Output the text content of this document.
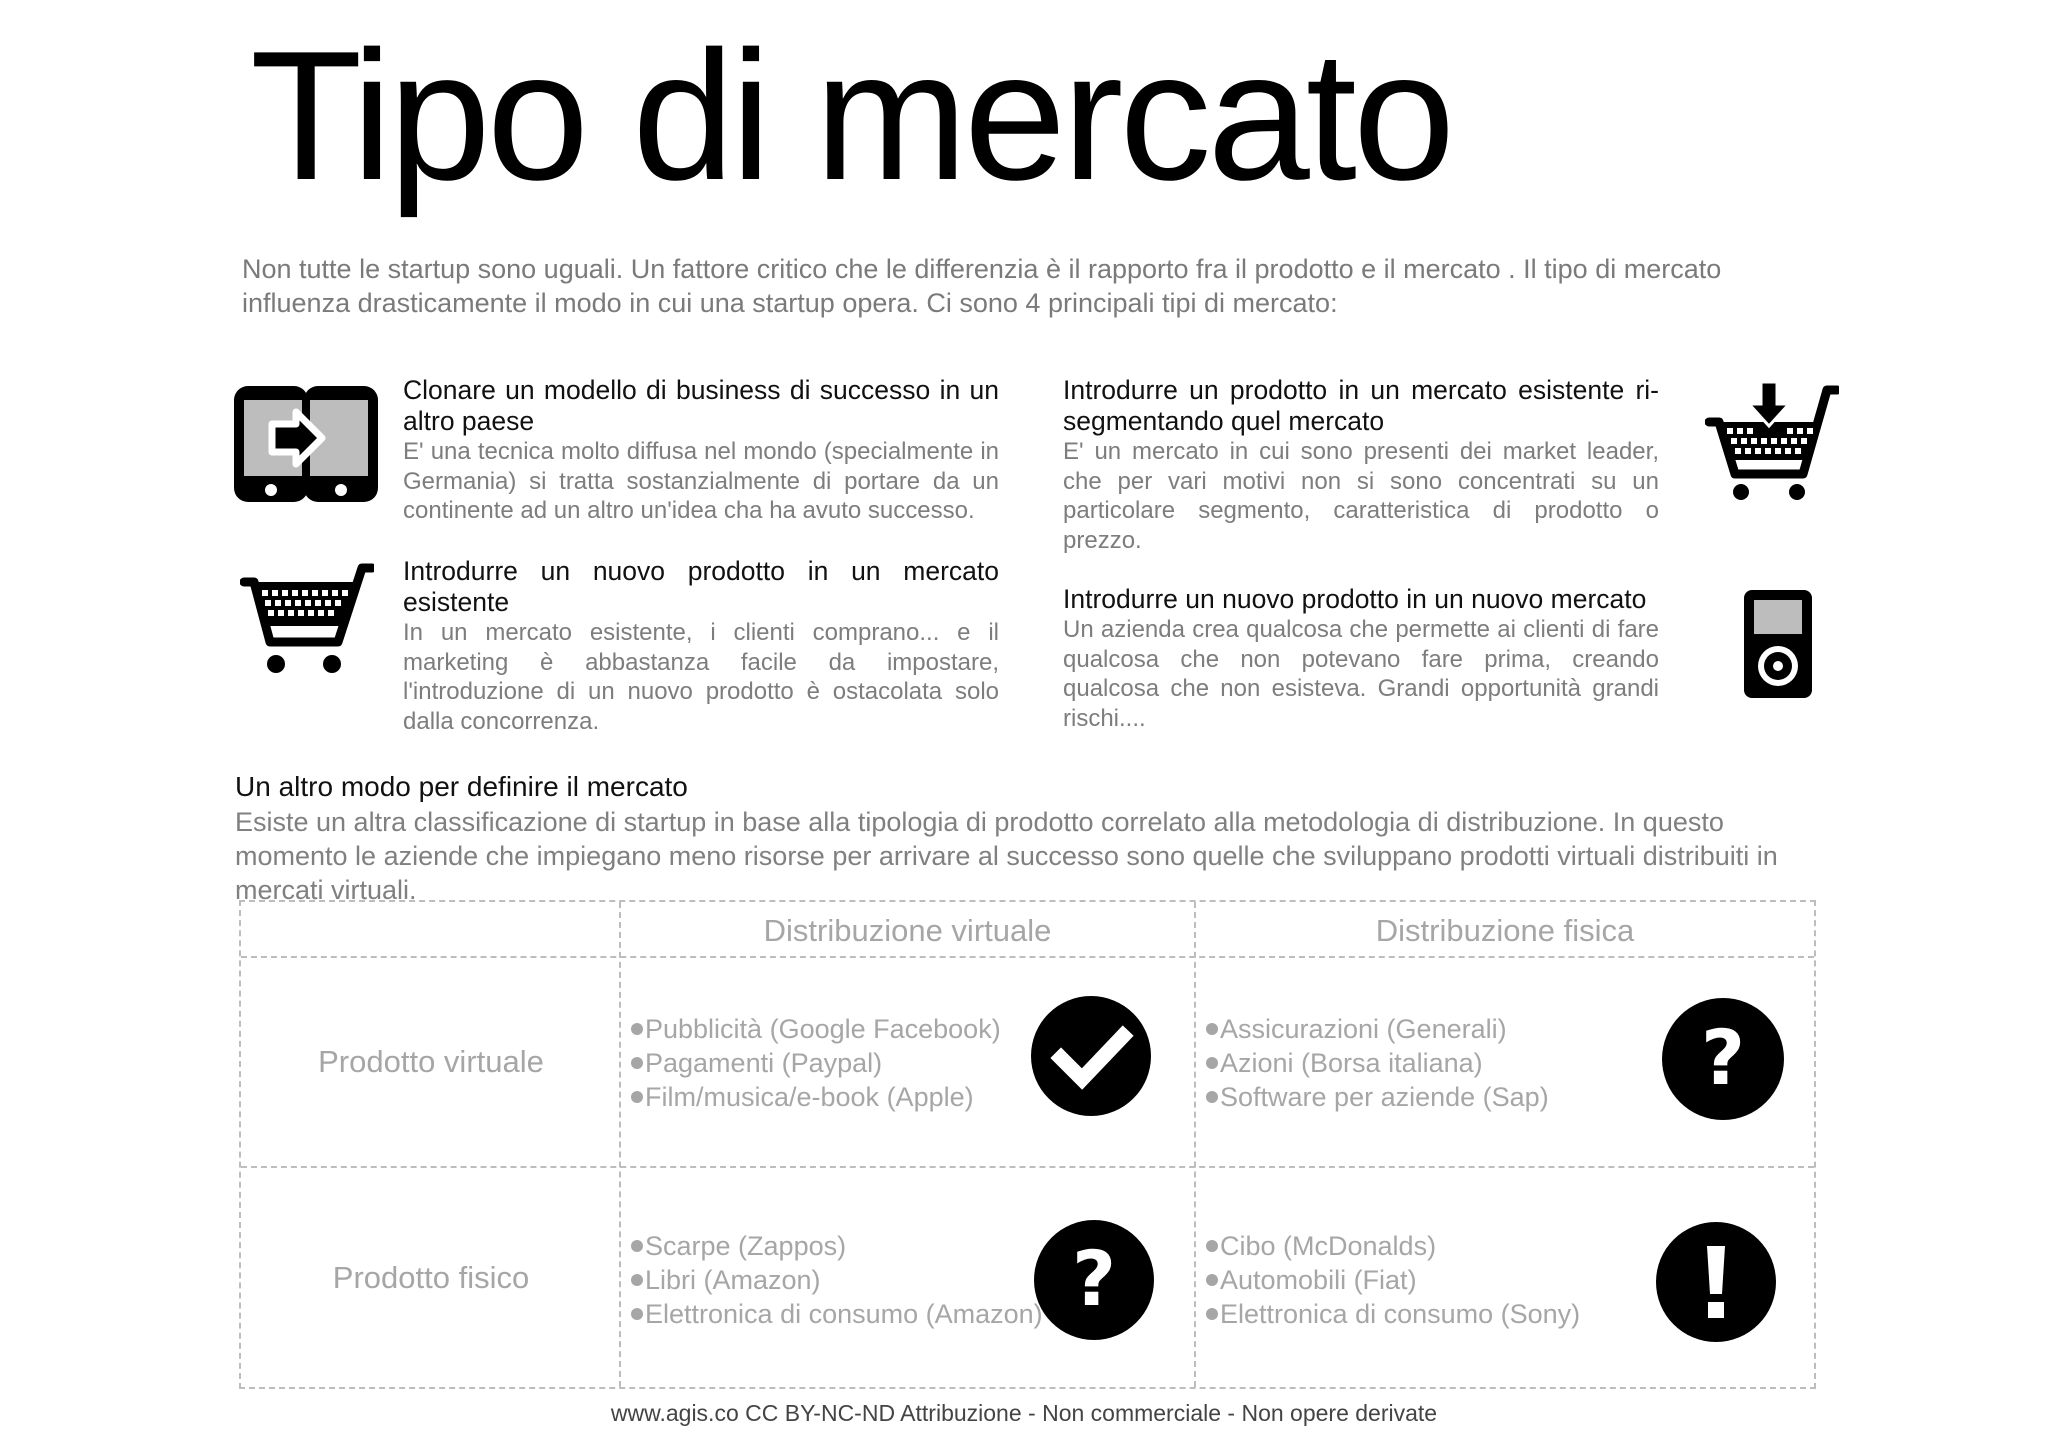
Tipo di mercato

Non tutte le startup sono uguali. Un fattore critico che le differenzia è il rapporto fra il prodotto e il mercato . Il tipo di mercato influenza drasticamente il modo in cui una startup opera. Ci sono 4 principali tipi di mercato:

Clonare un modello di business di successo in un altro paese

E' una tecnica molto diffusa nel mondo (specialmente in Germania) si tratta sostanzialmente di portare da un continente ad un altro un'idea cha ha avuto successo.

Introdurre un nuovo prodotto in un mercato esistente

In un mercato esistente, i clienti comprano... e il marketing è abbastanza facile da impostare, l'introduzione di un nuovo prodotto è ostacolata solo dalla concorrenza.

Introdurre un prodotto in un mercato esistente ri-segmentando quel mercato

E' un mercato in cui sono presenti dei market leader, che per vari motivi non si sono concentrati su un particolare segmento, caratteristica di prodotto o prezzo.

Introdurre un nuovo prodotto in un nuovo mercato

Un azienda crea qualcosa che permette ai clienti di fare qualcosa che non potevano fare prima, creando qualcosa che non esisteva. Grandi opportunità grandi rischi....

Un altro modo per definire il mercato

Esiste un altra classificazione di startup in base alla tipologia di prodotto correlato alla metodologia di distribuzione. In questo momento le aziende che impiegano meno risorse per arrivare al successo sono quelle che sviluppano prodotti virtuali distribuiti in mercati virtuali.

Distribuzione virtuale	Distribuzione fisica
Prodotto virtuale
Prodotto fisico
Pubblicità (Google Facebook)
Pagamenti (Paypal)
Film/musica/e-book (Apple)
Assicurazioni (Generali)
Azioni (Borsa italiana)
Software per aziende (Sap) ?
Scarpe (Zappos)
Libri (Amazon)
Elettronica di consumo (Amazon) ?	Cibo (McDonalds)
Automobili (Fiat)
Elettronica di consumo (Sony)

www.agis.co CC BY-NC-ND Attribuzione - Non commerciale - Non opere derivate
